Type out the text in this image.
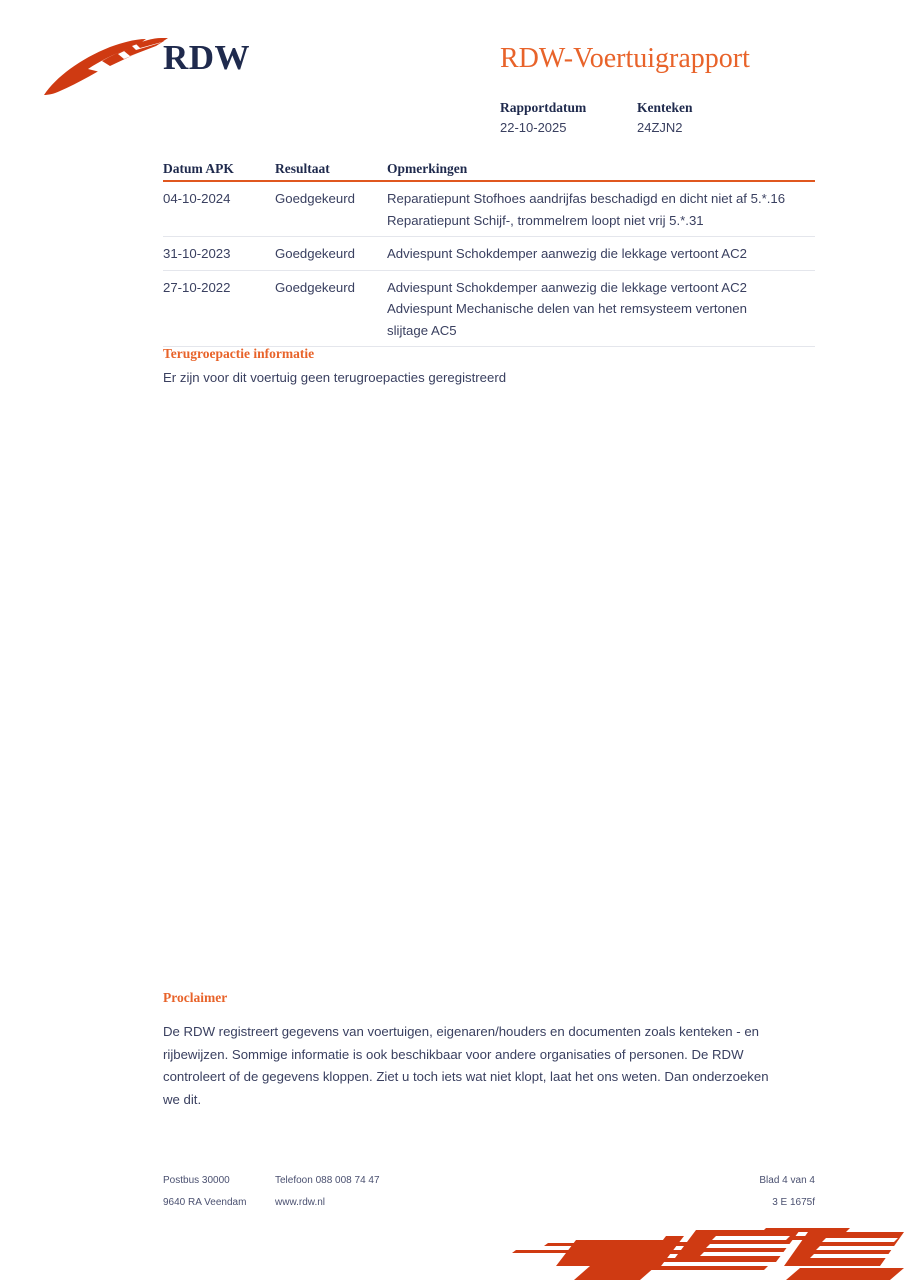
RDW	RDW-Voertuigrapport
Rapportdatum	Kenteken
22-10-2025	24ZJN2
Datum APK	Resultaat	Opmerkingen
04-10-2024	Goedgekeurd	Reparatiepunt Stofhoes aandrijfas beschadigd en dicht niet af 5.*.16
Reparatiepunt Schijf-, trommelrem loopt niet vrij 5.*.31
31-10-2023	Goedgekeurd	Adviespunt Schokdemper aanwezig die lekkage vertoont AC2
27-10-2022	Goedgekeurd	Adviespunt Schokdemper aanwezig die lekkage vertoont AC2
Adviespunt Mechanische delen van het remsysteem vertonen
slijtage AC5
Terugroepactie informatie
Er zijn voor dit voertuig geen terugroepacties geregistreerd
Proclaimer
De RDW registreert gegevens van voertuigen, eigenaren/houders en documenten zoals kenteken - en
rijbewijzen. Sommige informatie is ook beschikbaar voor andere organisaties of personen. De RDW
controleert of de gegevens kloppen. Ziet u toch iets wat niet klopt, laat het ons weten. Dan onderzoeken
we dit.
Postbus 30000	Telefoon 088 008 74 47	Blad 4 van 4
9640 RA Veendam	www.rdw.nl	3 E 1675f
